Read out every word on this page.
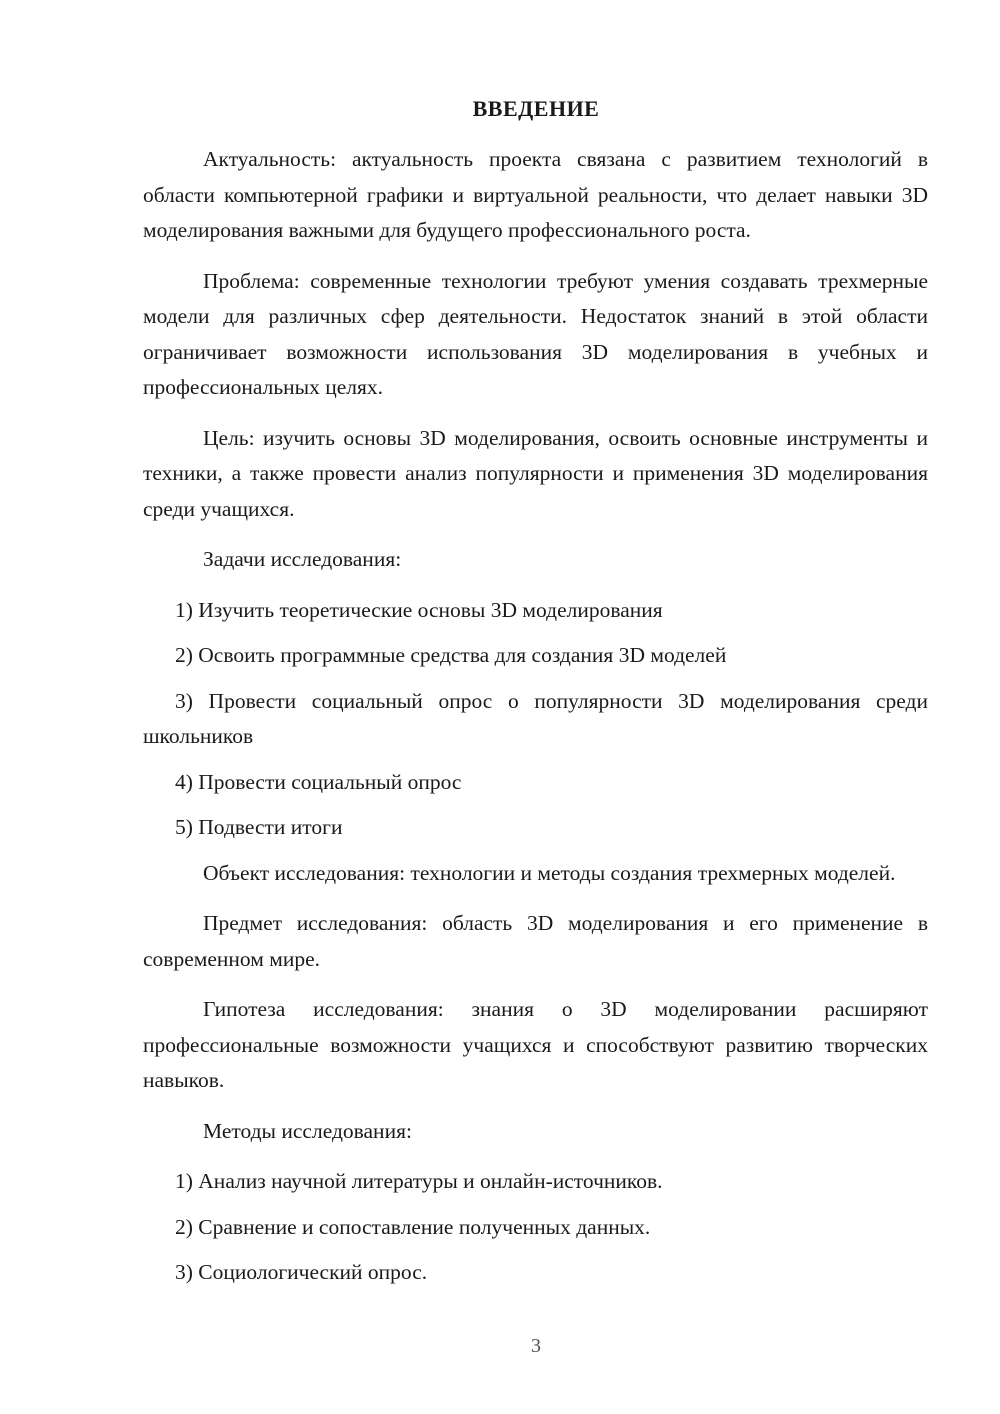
ВВЕДЕНИЕ

Актуальность: актуальность проекта связана с развитием технологий в области компьютерной графики и виртуальной реальности, что делает навыки 3D моделирования важными для будущего профессионального роста.

Проблема: современные технологии требуют умения создавать трехмерные модели для различных сфер деятельности. Недостаток знаний в этой области ограничивает возможности использования 3D моделирования в учебных и профессиональных целях.

Цель: изучить основы 3D моделирования, освоить основные инструменты и техники, а также провести анализ популярности и применения 3D моделирования среди учащихся.

Задачи исследования:

1) Изучить теоретические основы 3D моделирования

2) Освоить программные средства для создания 3D моделей

3) Провести социальный опрос о популярности 3D моделирования среди школьников

4) Провести социальный опрос

5) Подвести итоги

Объект исследования: технологии и методы создания трехмерных моделей.

Предмет исследования: область 3D моделирования и его применение в современном мире.

Гипотеза исследования: знания о 3D моделировании расширяют профессиональные возможности учащихся и способствуют развитию творческих навыков.

Методы исследования:

1) Анализ научной литературы и онлайн-источников.

2) Сравнение и сопоставление полученных данных.

3) Социологический опрос.

3
